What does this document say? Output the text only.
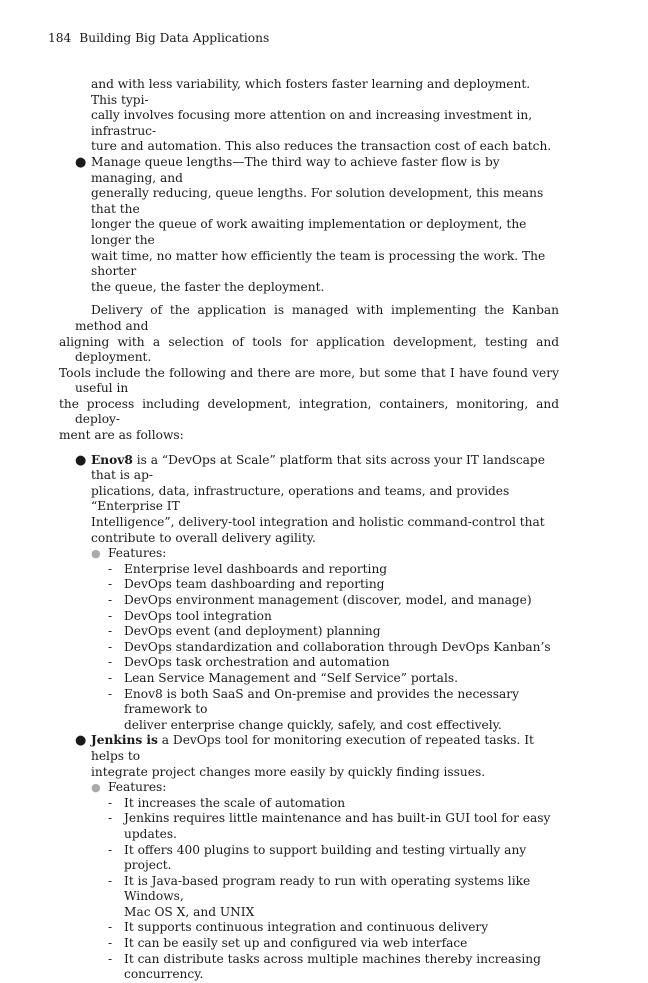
184 Building Big Data Applications
and with less variability, which fosters faster learning and deployment. This typi-
cally involves focusing more attention on and increasing investment in, infrastruc-
ture and automation. This also reduces the transaction cost of each batch.
● Manage queue lengths—The third way to achieve faster flow is by managing, and
generally reducing, queue lengths. For solution development, this means that the
longer the queue of work awaiting implementation or deployment, the longer the
wait time, no matter how efficiently the team is processing the work. The shorter
the queue, the faster the deployment.
Delivery of the application is managed with implementing the Kanban method and
aligning with a selection of tools for application development, testing and deployment.
Tools include the following and there are more, but some that I have found very useful in
the process including development, integration, containers, monitoring, and deploy-
ment are as follows:
● Enov8 is a “DevOps at Scale” platform that sits across your IT landscape that is ap-
plications, data, infrastructure, operations and teams, and provides “Enterprise IT
Intelligence”, delivery-tool integration and holistic command-control that
contribute to overall delivery agility.
● Features:
- Enterprise level dashboards and reporting
- DevOps team dashboarding and reporting
- DevOps environment management (discover, model, and manage)
- DevOps tool integration
- DevOps event (and deployment) planning
- DevOps standardization and collaboration through DevOps Kanban’s
- DevOps task orchestration and automation
- Lean Service Management and “Self Service” portals.
- Enov8 is both SaaS and On-premise and provides the necessary framework to
deliver enterprise change quickly, safely, and cost effectively.
● Jenkins is a DevOps tool for monitoring execution of repeated tasks. It helps to
integrate project changes more easily by quickly finding issues.
● Features:
- It increases the scale of automation
- Jenkins requires little maintenance and has built-in GUI tool for easy
updates.
- It offers 400 plugins to support building and testing virtually any project.
- It is Java-based program ready to run with operating systems like Windows,
Mac OS X, and UNIX
- It supports continuous integration and continuous delivery
- It can be easily set up and configured via web interface
- It can distribute tasks across multiple machines thereby increasing
concurrency.
